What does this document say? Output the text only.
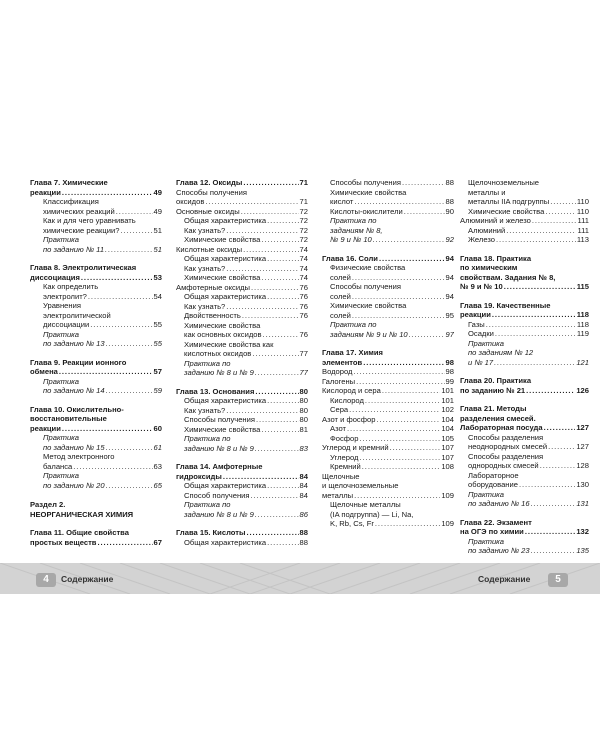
Глава 7. Химические
реакции . . .	49
Классификация
химических реакций . . .	49
Как и для чего уравнивать
химические реакции? . . .	51
Практика
по заданию № 11 . . .	51
Глава 8. Электролитическая
диссоциация . . .	53
Как определить
электролит? . . .	54
Уравнения
электролитической
диссоциации . . .	55
Практика
по заданию № 13 . . .	55
Глава 9. Реакции ионного
обмена . . .	57
Практика
по заданию № 14 . . .	59
Глава 10. Окислительно-
восстановительные
реакции . . .	60
Практика
по заданию № 15 . . .	61
Метод электронного
баланса . . .	63
Практика
по заданию № 20 . . .	65
Раздел 2.
НЕОРГАНИЧЕСКАЯ ХИМИЯ
Глава 11. Общие свойства
простых веществ . . .	67
Глава 12. Оксиды . . .	71
Способы получения
оксидов . . .	71
Основные оксиды . . .	72
Общая характеристика . . .	72
Как узнать? . . .	72
Химические свойства . . .	72
Кислотные оксиды . . .	74
Общая характеристика . . .	74
Как узнать? . . .	74
Химические свойства . . .	74
Амфотерные оксиды . . .	76
Общая характеристика . . .	76
Как узнать? . . .	76
Двойственность . . .	76
Химические свойства
как основных оксидов . . .	76
Химические свойства как
кислотных оксидов . . .	77
Практика по
заданию № 8 и № 9 . . .	77
Глава 13. Основания . . .	80
Общая характеристика . . .	80
Как узнать? . . .	80
Способы получения . . .	80
Химические свойства . . .	81
Практика по
заданию № 8 и № 9 . . .	83
Глава 14. Амфотерные
гидроксиды . . .	84
Общая характеристика . . .	84
Способ получения . . .	84
Практика по
заданию № 8 и № 9 . . .	86
Глава 15. Кислоты . . .	88
Общая характеристика . . .	88
Способы получения . . .	88
Химические свойства
кислот . . .	88
Кислоты-окислители . . .	90
Практика по
заданиям № 8,
№ 9 и № 10 . . .	92
Глава 16. Соли . . .	94
Физические свойства
солей . . .	94
Способы получения
солей . . .	94
Химические свойства
солей . . .	95
Практика по
заданиям № 9 и № 10 . . .	97
Глава 17. Химия
элементов . . .	98
Водород . . .	98
Галогены . . .	99
Кислород и сера . . .	101
Кислород . . .	101
Сера . . .	102
Азот и фосфор . . .	104
Азот . . .	104
Фосфор . . .	105
Углерод и кремний . . .	107
Углерод . . .	107
Кремний . . .	108
Щелочные
и щелочноземельные
металлы . . .	109
Щелочные металлы
(IA подгруппа) — Li, Na,
K, Rb, Cs, Fr . . .	109
Щелочноземельные
металлы и
металлы IIA подгруппы . . .	110
Химические свойства . . .	110
Алюминий и железо . . .	111
Алюминий . . .	111
Железо . . .	113
Глава 18. Практика
по химическим
свойствам. Задания № 8,
№ 9 и № 10 . . .	115
Глава 19. Качественные
реакции . . .	118
Газы . . .	118
Осадки . . .	119
Практика
по заданиям № 12
и № 17 . . .	121
Глава 20. Практика
по заданию № 21 . . .	126
Глава 21. Методы
разделения смесей.
Лабораторная посуда . . .	127
Способы разделения
неоднородных смесей . . .	127
Способы разделения
однородных смесей . . .	128
Лабораторное
оборудование . . .	130
Практика
по заданию № 16 . . .	131
Глава 22. Экзамент
на ОГЭ по химии . . .	132
Практика
по заданию № 23 . . .	135
4	Содержание	Содержание	5
